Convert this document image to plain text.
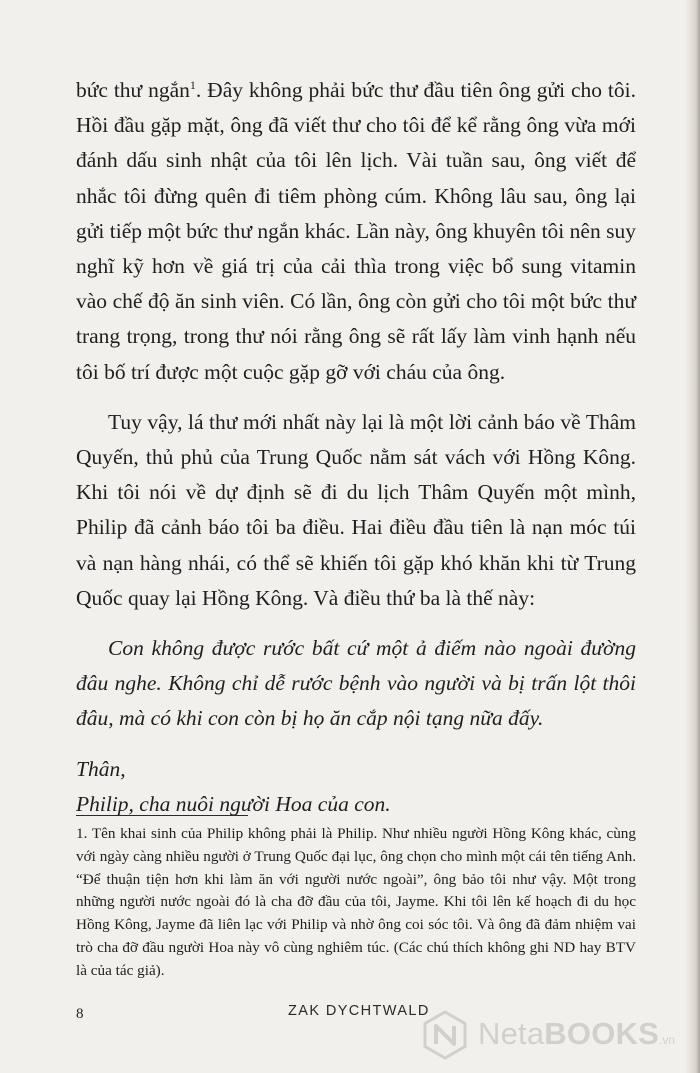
bức thư ngắn$^1$. Đây không phải bức thư đầu tiên ông gửi cho tôi. Hồi đầu gặp mặt, ông đã viết thư cho tôi để kể rằng ông vừa mới đánh dấu sinh nhật của tôi lên lịch. Vài tuần sau, ông viết để nhắc tôi đừng quên đi tiêm phòng cúm. Không lâu sau, ông lại gửi tiếp một bức thư ngắn khác. Lần này, ông khuyên tôi nên suy nghĩ kỹ hơn về giá trị của cải thìa trong việc bổ sung vitamin vào chế độ ăn sinh viên. Có lần, ông còn gửi cho tôi một bức thư trang trọng, trong thư nói rằng ông sẽ rất lấy làm vinh hạnh nếu tôi bố trí được một cuộc gặp gỡ với cháu của ông.

Tuy vậy, lá thư mới nhất này lại là một lời cảnh báo về Thâm Quyến, thủ phủ của Trung Quốc nằm sát vách với Hồng Kông. Khi tôi nói về dự định sẽ đi du lịch Thâm Quyến một mình, Philip đã cảnh báo tôi ba điều. Hai điều đầu tiên là nạn móc túi và nạn hàng nhái, có thể sẽ khiến tôi gặp khó khăn khi từ Trung Quốc quay lại Hồng Kông. Và điều thứ ba là thế này:

Con không được rước bất cứ một ả điếm nào ngoài đường đâu nghe. Không chỉ dễ rước bệnh vào người và bị trấn lột thôi đâu, mà có khi con còn bị họ ăn cắp nội tạng nữa đấy.

Thân,

Philip, cha nuôi người Hoa của con.

1. Tên khai sinh của Philip không phải là Philip. Như nhiều người Hồng Kông khác, cùng với ngày càng nhiều người ở Trung Quốc đại lục, ông chọn cho mình một cái tên tiếng Anh. “Để thuận tiện hơn khi làm ăn với người nước ngoài”, ông bảo tôi như vậy. Một trong những người nước ngoài đó là cha đỡ đầu của tôi, Jayme. Khi tôi lên kế hoạch đi du học Hồng Kông, Jayme đã liên lạc với Philip và nhờ ông coi sóc tôi. Và ông đã đảm nhiệm vai trò cha đỡ đầu người Hoa này vô cùng nghiêm túc. (Các chú thích không ghi ND hay BTV là của tác giả).

8	ZAK DYCHTWALD
NetaBOOKS.vn
